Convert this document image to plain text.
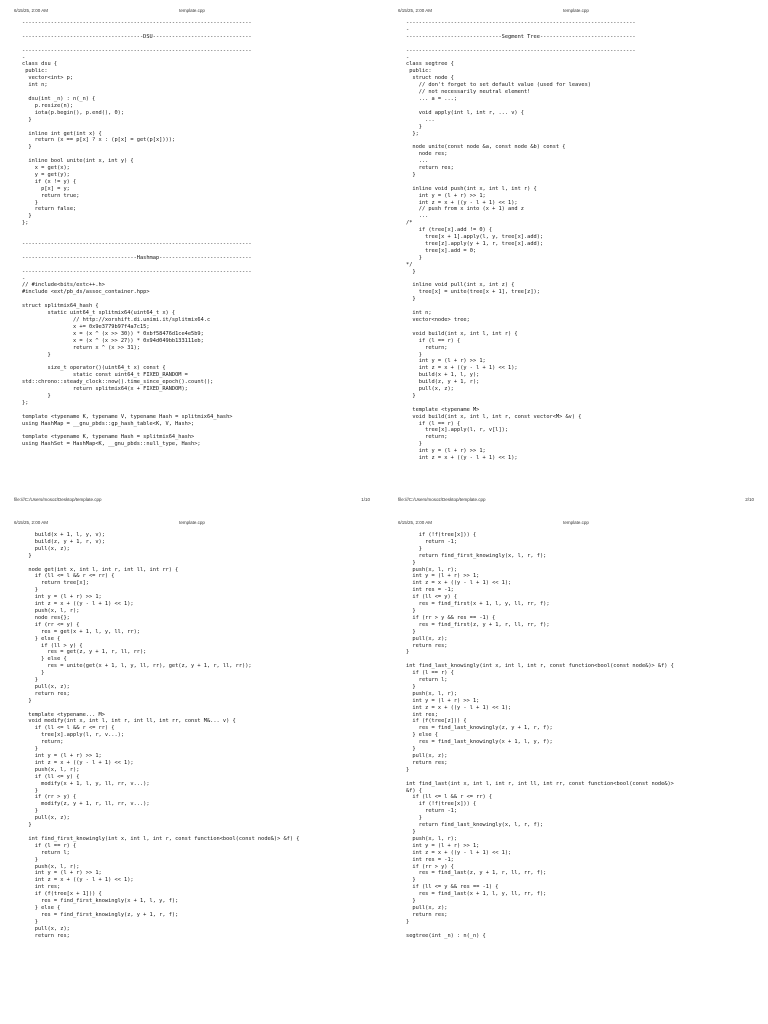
6/15/25, 2:00 AM	template.cpp
------------------------------------------------------------------------

--------------------------------------DSU-------------------------------

------------------------------------------------------------------------
-
class dsu {
public:
vector<int> p;
int n;

dsu(int _n) : n(_n) {
p.resize(n);
iota(p.begin(), p.end(), 0);
}

inline int get(int x) {
return (x == p[x] ? x : (p[x] = get(p[x])));
}

inline bool unite(int x, int y) {
x = get(x);
y = get(y);
if (x != y) {
p[x] = y;
return true;
}
return false;
}
};

------------------------------------------------------------------------

------------------------------------Hashmap-----------------------------

------------------------------------------------------------------------
-
// #include<bits/extc++.h>
#include <ext/pb_ds/assoc_container.hpp>

struct splitmix64_hash {
static uint64_t splitmix64(uint64_t x) {
// http://xorshift.di.unimi.it/splitmix64.c
x += 0x9e3779b97f4a7c15;
x = (x ^ (x >> 30)) * 0xbf58476d1ce4e5b9;
x = (x ^ (x >> 27)) * 0x94d049bb133111eb;
return x ^ (x >> 31);
}

size_t operator()(uint64_t x) const {
static const uint64_t FIXED_RANDOM =
std::chrono::steady_clock::now().time_since_epoch().count();
return splitmix64(x + FIXED_RANDOM);
}
};

template <typename K, typename V, typename Hash = splitmix64_hash>
using HashMap = __gnu_pbds::gp_hash_table<K, V, Hash>;

template <typename K, typename Hash = splitmix64_hash>
using HashSet = HashMap<K, __gnu_pbds::null_type, Hash>;
file:///C:/Users/mosoz/Desktop/template.cpp	1/10
6/15/25, 2:00 AM	template.cpp
------------------------------------------------------------------------
-
------------------------------Segment Tree------------------------------

------------------------------------------------------------------------
-
class segtree {
public:
struct node {
// don't forget to set default value (used for leaves)
// not necessarily neutral element!
... a = ...;

void apply(int l, int r, ... v) {
...
}
};

node unite(const node &a, const node &b) const {
node res;
...
return res;
}

inline void push(int x, int l, int r) {
int y = (l + r) >> 1;
int z = x + ((y - l + 1) << 1);
// push from x into (x + 1) and z
...
/*
if (tree[x].add != 0) {
tree[x + 1].apply(l, y, tree[x].add);
tree[z].apply(y + 1, r, tree[x].add);
tree[x].add = 0;
}
*/
}

inline void pull(int x, int z) {
tree[x] = unite(tree[x + 1], tree[z]);
}

int n;
vector<node> tree;

void build(int x, int l, int r) {
if (l == r) {
return;
}
int y = (l + r) >> 1;
int z = x + ((y - l + 1) << 1);
build(x + 1, l, y);
build(z, y + 1, r);
pull(x, z);
}

template <typename M>
void build(int x, int l, int r, const vector<M> &v) {
if (l == r) {
tree[x].apply(l, r, v[l]);
return;
}
int y = (l + r) >> 1;
int z = x + ((y - l + 1) << 1);
file:///C:/Users/mosoz/Desktop/template.cpp	2/10
6/15/25, 2:00 AM	template.cpp
build(x + 1, l, y, v);
build(z, y + 1, r, v);
pull(x, z);
}

node get(int x, int l, int r, int ll, int rr) {
if (ll <= l && r <= rr) {
return tree[x];
}
int y = (l + r) >> 1;
int z = x + ((y - l + 1) << 1);
push(x, l, r);
node res{};
if (rr <= y) {
res = get(x + 1, l, y, ll, rr);
} else {
if (ll > y) {
res = get(z, y + 1, r, ll, rr);
} else {
res = unite(get(x + 1, l, y, ll, rr), get(z, y + 1, r, ll, rr));
}
}
pull(x, z);
return res;
}

template <typename... M>
void modify(int x, int l, int r, int ll, int rr, const M&... v) {
if (ll <= l && r <= rr) {
tree[x].apply(l, r, v...);
return;
}
int y = (l + r) >> 1;
int z = x + ((y - l + 1) << 1);
push(x, l, r);
if (ll <= y) {
modify(x + 1, l, y, ll, rr, v...);
}
if (rr > y) {
modify(z, y + 1, r, ll, rr, v...);
}
pull(x, z);
}

int find_first_knowingly(int x, int l, int r, const function<bool(const node&)> &f) {
if (l == r) {
return l;
}
push(x, l, r);
int y = (l + r) >> 1;
int z = x + ((y - l + 1) << 1);
int res;
if (f(tree[x + 1])) {
res = find_first_knowingly(x + 1, l, y, f);
} else {
res = find_first_knowingly(z, y + 1, r, f);
}
pull(x, z);
return res;
6/15/25, 2:00 AM	template.cpp
if (!f(tree[x])) {
return -1;
}
return find_first_knowingly(x, l, r, f);
}
push(x, l, r);
int y = (l + r) >> 1;
int z = x + ((y - l + 1) << 1);
int res = -1;
if (ll <= y) {
res = find_first(x + 1, l, y, ll, rr, f);
}
if (rr > y && res == -1) {
res = find_first(z, y + 1, r, ll, rr, f);
}
pull(x, z);
return res;
}

int find_last_knowingly(int x, int l, int r, const function<bool(const node&)> &f) {
if (l == r) {
return l;
}
push(x, l, r);
int y = (l + r) >> 1;
int z = x + ((y - l + 1) << 1);
int res;
if (f(tree[z])) {
res = find_last_knowingly(z, y + 1, r, f);
} else {
res = find_last_knowingly(x + 1, l, y, f);
}
pull(x, z);
return res;
}

int find_last(int x, int l, int r, int ll, int rr, const function<bool(const node&)>
&f) {
if (ll <= l && r <= rr) {
if (!f(tree[x])) {
return -1;
}
return find_last_knowingly(x, l, r, f);
}
push(x, l, r);
int y = (l + r) >> 1;
int z = x + ((y - l + 1) << 1);
int res = -1;
if (rr > y) {
res = find_last(z, y + 1, r, ll, rr, f);
}
if (ll <= y && res == -1) {
res = find_last(x + 1, l, y, ll, rr, f);
}
pull(x, z);
return res;
}

segtree(int _n) : n(_n) {
